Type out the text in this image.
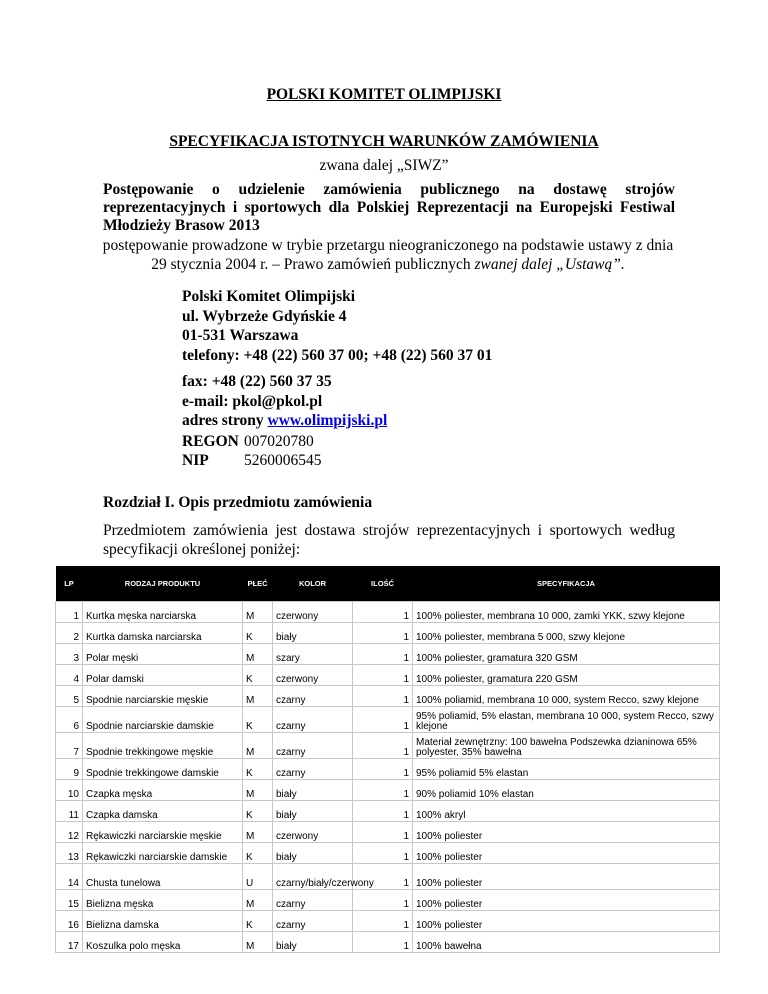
POLSKI KOMITET OLIMPIJSKI
SPECYFIKACJA ISTOTNYCH WARUNKÓW ZAMÓWIENIA
zwana dalej „SIWZ”
Postępowanie o udzielenie zamówienia publicznego na dostawę strojów
reprezentacyjnych i sportowych dla Polskiej Reprezentacji na Europejski Festiwal
Młodzieży Brasow 2013
postępowanie prowadzone w trybie przetargu nieograniczonego na podstawie ustawy z dnia
29 stycznia 2004 r. – Prawo zamówień publicznych zwanej dalej „Ustawą”.
Polski Komitet Olimpijski
ul. Wybrzeże Gdyńskie 4
01-531 Warszawa
telefony: +48 (22) 560 37 00; +48 (22) 560 37 01
fax: +48 (22) 560 37 35
e-mail: pkol@pkol.pl
adres strony www.olimpijski.pl
REGON 007020780
NIP 5260006545
Rozdział I. Opis przedmiotu zamówienia
Przedmiotem zamówienia jest dostawa strojów reprezentacyjnych i sportowych według
specyfikacji określonej poniżej:
LP	RODZAJ PRODUKTU	PŁEĆ	KOLOR	ILOŚĆ	SPECYFIKACJA
1	Kurtka męska narciarska	M	czerwony	1	100% poliester, membrana 10 000, zamki YKK, szwy klejone
2	Kurtka damska narciarska	K	biały	1	100% poliester, membrana 5 000, szwy klejone
3	Polar męski	M	szary	1	100% poliester, gramatura 320 GSM
4	Polar damski	K	czerwony	1	100% poliester, gramatura 220 GSM
5	Spodnie narciarskie męskie	M	czarny	1	100% poliamid, membrana 10 000, system Recco, szwy klejone
6	Spodnie narciarskie damskie	K	czarny	1	95% poliamid, 5% elastan, membrana 10 000, system Recco, szwy klejone
7	Spodnie trekkingowe męskie	M	czarny	1	Materiał zewnętrzny: 100 bawełna Podszewka dzianinowa 65% polyester, 35% bawełna
9	Spodnie trekkingowe damskie	K	czarny	1	95% poliamid 5% elastan
10	Czapka męska	M	biały	1	90% poliamid 10% elastan
11	Czapka damska	K	biały	1	100% akryl
12	Rękawiczki narciarskie męskie	M	czerwony	1	100% poliester
13	Rękawiczki narciarskie damskie	K	biały	1	100% poliester
14	Chusta tunelowa	U	czarny/biały/czerwony	1	100% poliester
15	Bielizna męska	M	czarny	1	100% poliester
16	Bielizna damska	K	czarny	1	100% poliester
17	Koszulka polo męska	M	biały	1	100% bawełna
